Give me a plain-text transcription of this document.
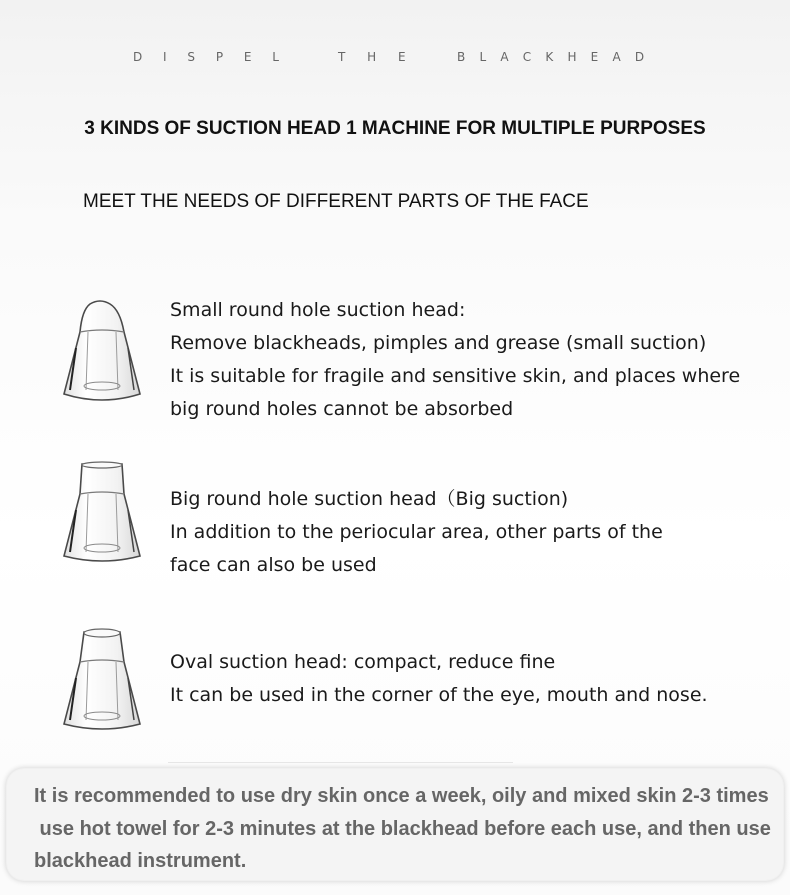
D I S P E L

	T H E

	B L A C K H E A D

3 KINDS OF SUCTION HEAD 1 MACHINE FOR MULTIPLE PURPOSES
MEET THE NEEDS OF DIFFERENT PARTS OF THE FACE
Small round hole suction head:
Remove blackheads, pimples and grease (small suction)
It is suitable for fragile and sensitive skin, and places where
big round holes cannot be absorbed
Big round hole suction head（Big suction)
In addition to the periocular area, other parts of the
face can also be used
Oval suction head: compact, reduce fine
It can be used in the corner of the eye, mouth and nose.
It is recommended to use dry skin once a week, oily and mixed skin 2-3 times
use hot towel for 2-3 minutes at the blackhead before each use, and then use
blackhead instrument.
